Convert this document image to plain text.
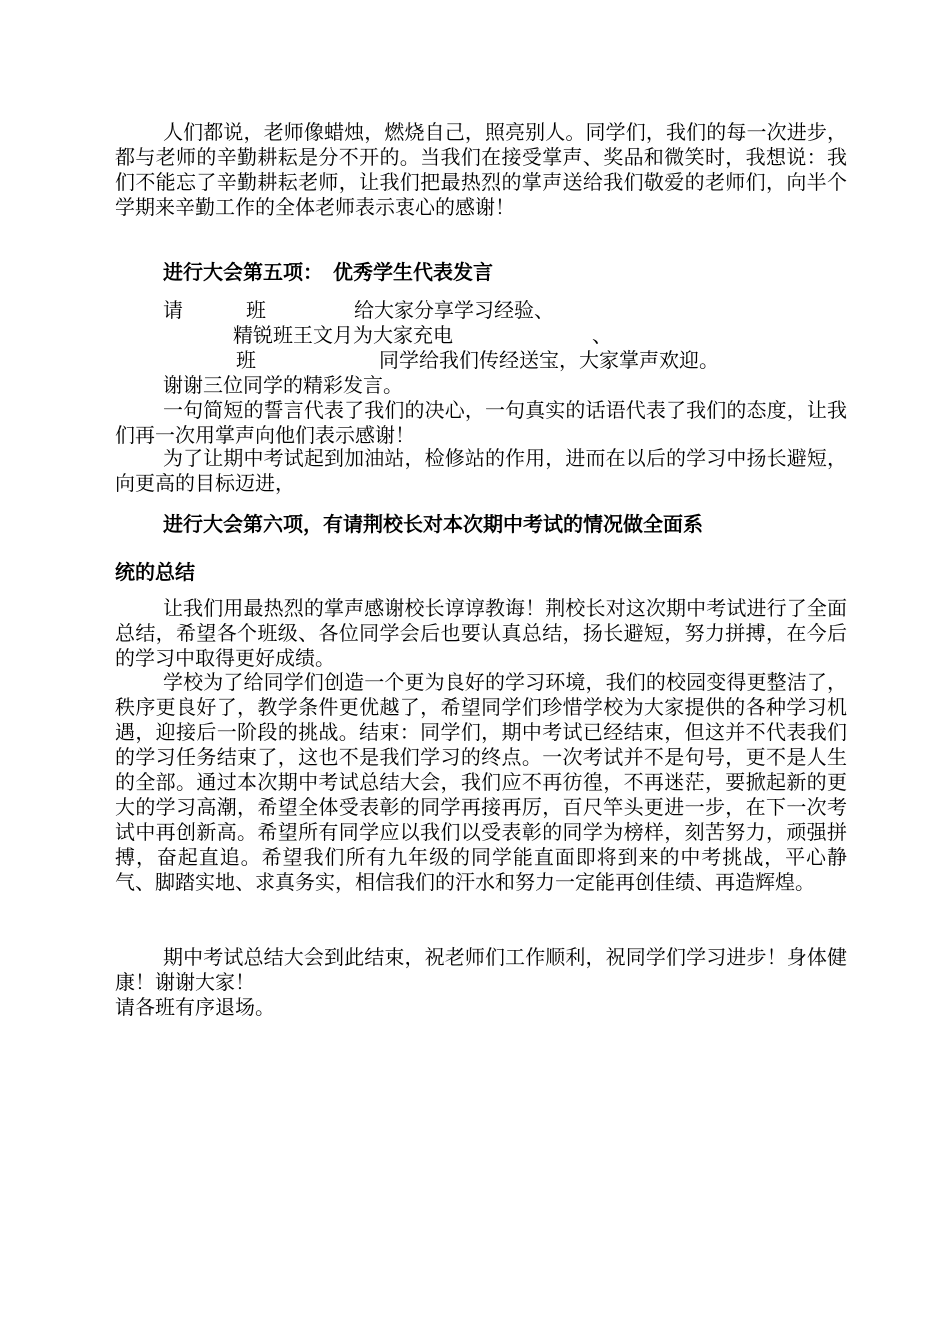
人们都说，老师像蜡烛，燃烧自己，照亮别人。同学们，我们的每一次进步，都与老师的辛勤耕耘是分不开的。当我们在接受掌声、奖品和微笑时，我想说：我们不能忘了辛勤耕耘老师，让我们把最热烈的掌声送给我们敬爱的老师们，向半个学期来辛勤工作的全体老师表示衷心的感谢！

进行大会第五项：　优秀学生代表发言
请	班	给大家分享学习经验、
精锐班王文月为大家充电	、
班	同学给我们传经送宝，大家掌声欢迎。
谢谢三位同学的精彩发言。

一句简短的誓言代表了我们的决心，一句真实的话语代表了我们的态度，让我们再一次用掌声向他们表示感谢！

为了让期中考试起到加油站，检修站的作用，进而在以后的学习中扬长避短，向更高的目标迈进，

进行大会第六项，有请荆校长对本次期中考试的情况做全面系
统的总结

让我们用最热烈的掌声感谢校长谆谆教诲！荆校长对这次期中考试进行了全面总结，希望各个班级、各位同学会后也要认真总结，扬长避短，努力拼搏，在今后的学习中取得更好成绩。

学校为了给同学们创造一个更为良好的学习环境，我们的校园变得更整洁了，秩序更良好了，教学条件更优越了，希望同学们珍惜学校为大家提供的各种学习机遇，迎接后一阶段的挑战。结束：同学们，期中考试已经结束，但这并不代表我们的学习任务结束了，这也不是我们学习的终点。一次考试并不是句号，更不是人生的全部。通过本次期中考试总结大会，我们应不再彷徨，不再迷茫，要掀起新的更大的学习高潮，希望全体受表彰的同学再接再厉，百尺竿头更进一步，在下一次考试中再创新高。希望所有同学应以我们以受表彰的同学为榜样，刻苦努力，顽强拼搏，奋起直追。希望我们所有九年级的同学能直面即将到来的中考挑战，平心静气、脚踏实地、求真务实，相信我们的汗水和努力一定能再创佳绩、再造辉煌。

期中考试总结大会到此结束，祝老师们工作顺利，祝同学们学习进步！身体健康！谢谢大家！

请各班有序退场。
